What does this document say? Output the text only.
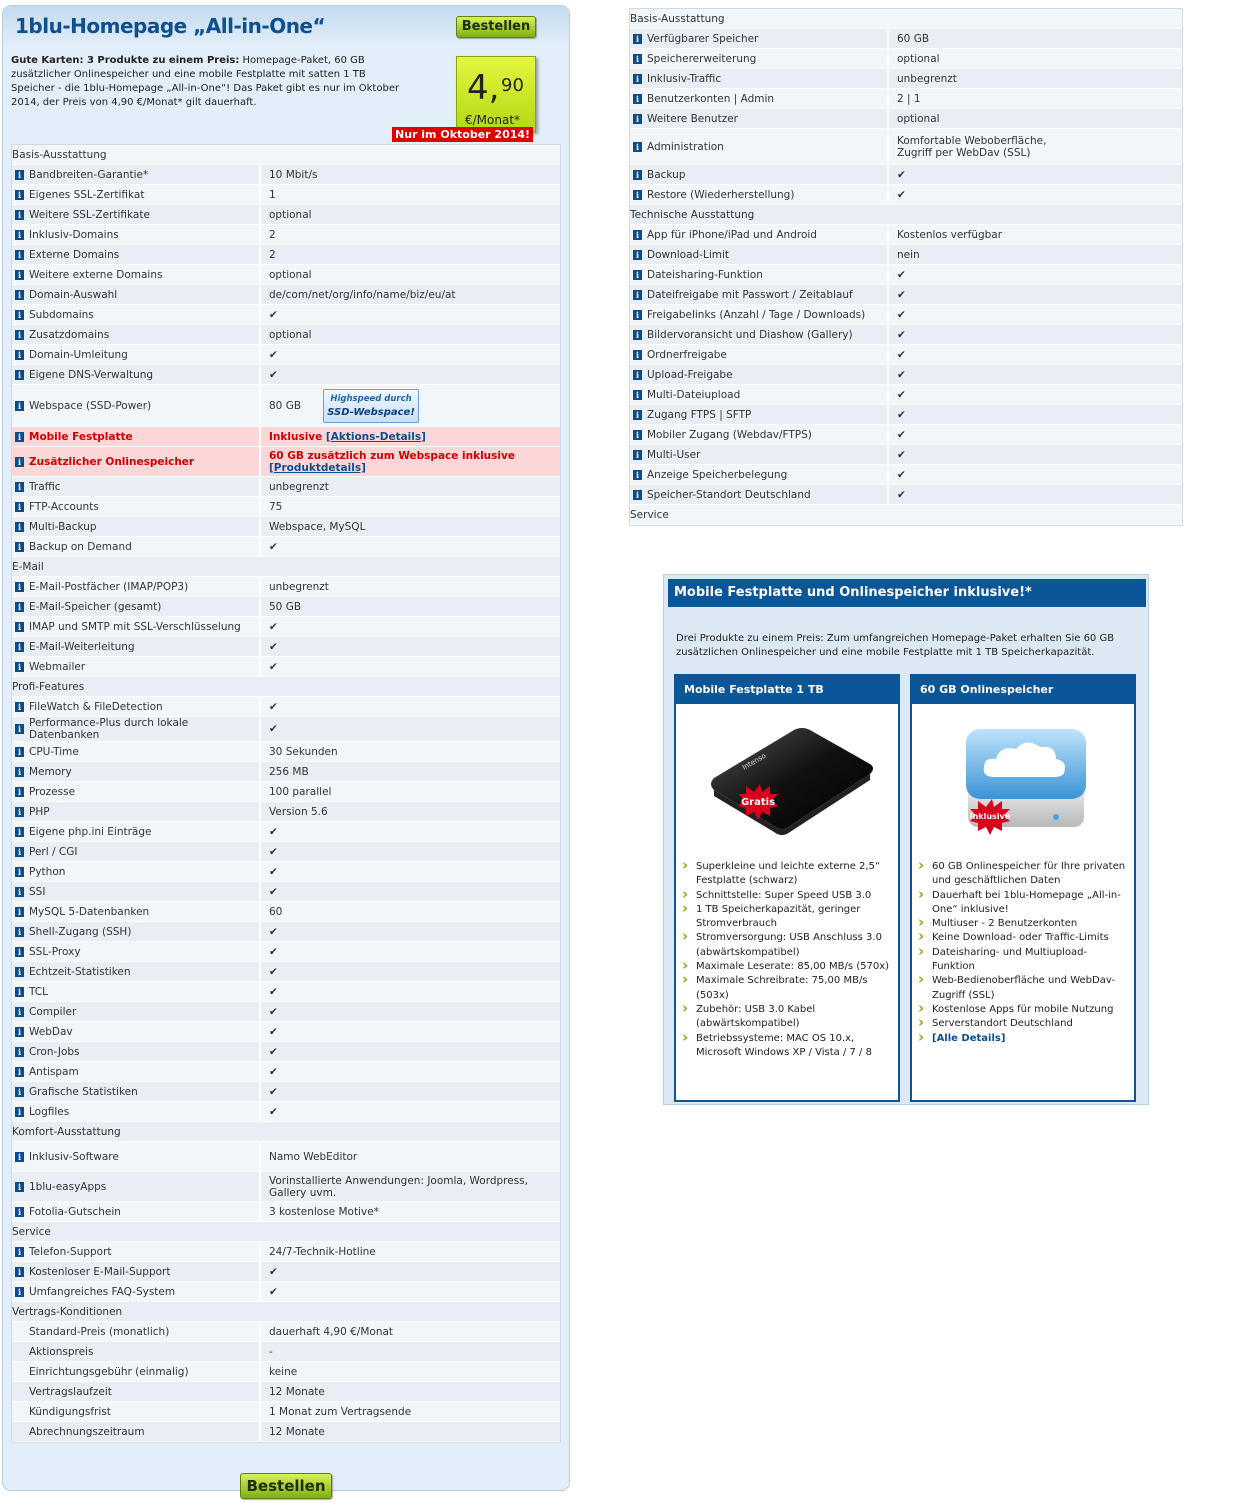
1blu-Homepage „All-in-One“	Bestellen
Gute Karten: 3 Produkte zu einem Preis: Homepage-Paket, 60 GB zusätzlicher Onlinespeicher und eine mobile Festplatte mit satten 1 TB Speicher - die 1blu-Homepage „All-in-One“! Das Paket gibt es nur im Oktober 2014, der Preis von 4,90 €/Monat* gilt dauerhaft.	4, 90
€/Monat*
Nur im Oktober 2014!
Basis-Ausstattung		
i	Bandbreiten-Garantie*	10 Mbit/s
i	Eigenes SSL-Zertifikat	1
i	Weitere SSL-Zertifikate	optional
i	Inklusiv-Domains	2
i	Externe Domains	2
i	Weitere externe Domains	optional
i	Domain-Auswahl	de/com/net/org/info/name/biz/eu/at
i	Subdomains	✔
i	Zusatzdomains	optional
i	Domain-Umleitung	✔
i	Eigene DNS-Verwaltung	✔
i	Webspace (SSD-Power)	80 GB
Highspeed durch
SSD-Webspace!
i	Mobile Festplatte	Inklusive [Aktions-Details]
i	Zusätzlicher Onlinespeicher	60 GB zusätzlich zum Webspace inklusive
[Produktdetails]
i	Traffic	unbegrenzt
i	FTP-Accounts	75
i	Multi-Backup	Webspace, MySQL
i	Backup on Demand	✔
E-Mail		
i	E-Mail-Postfächer (IMAP/POP3)	unbegrenzt
i	E-Mail-Speicher (gesamt)	50 GB
i	IMAP und SMTP mit SSL-Verschlüsselung	✔
i	E-Mail-Weiterleitung	✔
i	Webmailer	✔
Profi-Features		
i	FileWatch & FileDetection	✔
i	Performance-Plus durch lokale Datenbanken	✔
i	CPU-Time	30 Sekunden
i	Memory	256 MB
i	Prozesse	100 parallel
i	PHP	Version 5.6
i	Eigene php.ini Einträge	✔
i	Perl / CGI	✔
i	Python	✔
i	SSI	✔
i	MySQL 5-Datenbanken	60
i	Shell-Zugang (SSH)	✔
i	SSL-Proxy	✔
i	Echtzeit-Statistiken	✔
i	TCL	✔
i	Compiler	✔
i	WebDav	✔
i	Cron-Jobs	✔
i	Antispam	✔
i	Grafische Statistiken	✔
i	Logfiles	✔
Komfort-Ausstattung		
i	Inklusiv-Software	Namo WebEditor
i	1blu-easyApps	Vorinstallierte Anwendungen: Joomla, Wordpress, Gallery uvm.
i	Fotolia-Gutschein	3 kostenlose Motive*
Service		
i	Telefon-Support	24/7-Technik-Hotline
i	Kostenloser E-Mail-Support	✔
i	Umfangreiches FAQ-System	✔
Vertrags-Konditionen		
	Standard-Preis (monatlich)	dauerhaft 4,90 €/Monat
	Aktionspreis	-
	Einrichtungsgebühr (einmalig)	keine
	Vertragslaufzeit	12 Monate
	Kündigungsfrist	1 Monat zum Vertragsende
	Abrechnungszeitraum	12 Monate
Bestellen
Basis-Ausstattung		
i	Verfügbarer Speicher	60 GB
i	Speichererweiterung	optional
i	Inklusiv-Traffic	unbegrenzt
i	Benutzerkonten | Admin	2 | 1
i	Weitere Benutzer	optional
i	Administration	Komfortable Weboberfläche,
Zugriff per WebDav (SSL)
i	Backup	✔
i	Restore (Wiederherstellung)	✔
Technische Ausstattung		
i	App für iPhone/iPad und Android	Kostenlos verfügbar
i	Download-Limit	nein
i	Dateisharing-Funktion	✔
i	Dateifreigabe mit Passwort / Zeitablauf	✔
i	Freigabelinks (Anzahl / Tage / Downloads)	✔
i	Bildervoransicht und Diashow (Gallery)	✔
i	Ordnerfreigabe	✔
i	Upload-Freigabe	✔
i	Multi-Dateiupload	✔
i	Zugang FTPS | SFTP	✔
i	Mobiler Zugang (Webdav/FTPS)	✔
i	Multi-User	✔
i	Anzeige Speicherbelegung	✔
i	Speicher-Standort Deutschland	✔
Service		
Mobile Festplatte und Onlinespeicher inklusive!*
Drei Produkte zu einem Preis: Zum umfangreichen Homepage-Paket erhalten Sie 60 GB zusätzlichen Onlinespeicher und eine mobile Festplatte mit 1 TB Speicherkapazität.
Mobile Festplatte 1 TB
Intenso
Gratis
› Superkleine und leichte externe 2,5“ Festplatte (schwarz)
› Schnittstelle: Super Speed USB 3.0
› 1 TB Speicherkapazität, geringer Stromverbrauch
› Stromversorgung: USB Anschluss 3.0 (abwärtskompatibel)
› Maximale Leserate: 85,00 MB/s (570x)
› Maximale Schreibrate: 75,00 MB/s (503x)
› Zubehör: USB 3.0 Kabel (abwärtskompatibel)
› Betriebssysteme: MAC OS 10.x, Microsoft Windows XP / Vista / 7 / 8
60 GB Onlinespeicher
inklusive
› 60 GB Onlinespeicher für Ihre privaten und geschäftlichen Daten
› Dauerhaft bei 1blu-Homepage „All-in-One“ inklusive!
› Multiuser - 2 Benutzerkonten
› Keine Download- oder Traffic-Limits
› Dateisharing- und Multiupload-Funktion
› Web-Bedienoberfläche und WebDav-Zugriff (SSL)
› Kostenlose Apps für mobile Nutzung
› Serverstandort Deutschland
› [Alle Details]
